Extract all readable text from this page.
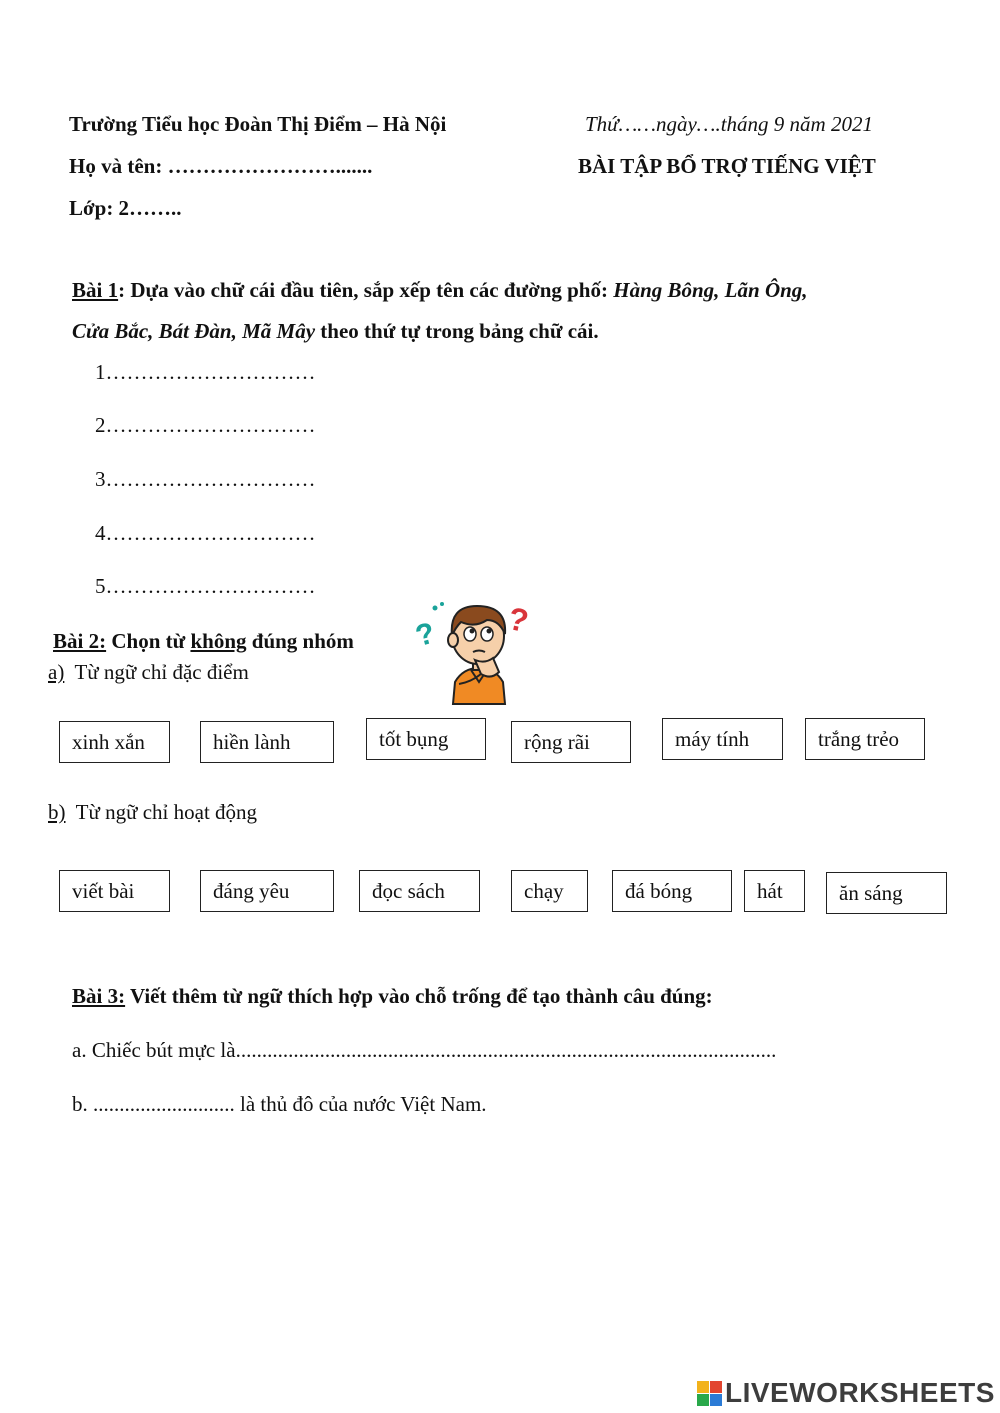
Trường Tiểu học Đoàn Thị Điểm – Hà Nội	Thứ……ngày….tháng 9 năm 2021
Họ và tên: …………………….......	BÀI TẬP BỔ TRỢ TIẾNG VIỆT
Lớp: 2……..
Bài 1: Dựa vào chữ cái đầu tiên, sắp xếp tên các đường phố: Hàng Bông, Lãn Ông,
Cửa Bắc, Bát Đàn, Mã Mây theo thứ tự trong bảng chữ cái.
1…………………………
2…………………………
3…………………………
4…………………………
5…………………………
Bài 2: Chọn từ không đúng nhóm ? ?
a) Từ ngữ chỉ đặc điểm
xinh xắn	hiền lành	tốt bụng	rộng rãi	máy tính	trắng trẻo
b) Từ ngữ chỉ hoạt động
viết bài	đáng yêu	đọc sách	chạy	đá bóng	hát	ăn sáng
Bài 3: Viết thêm từ ngữ thích hợp vào chỗ trống để tạo thành câu đúng:
a. Chiếc bút mực là.......................................................................................................
b. ........................... là thủ đô của nước Việt Nam.
LIVEWORKSHEETS
